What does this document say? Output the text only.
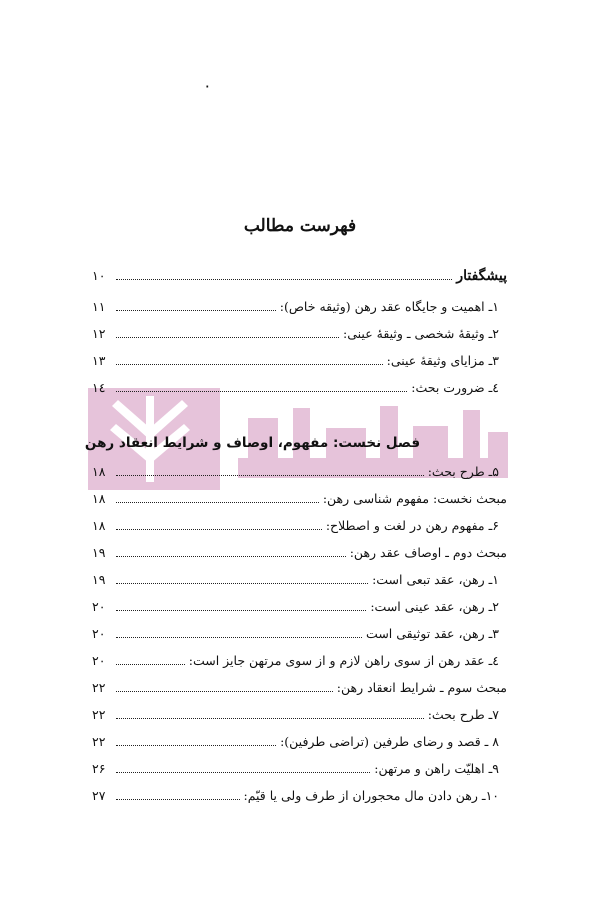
۰
فهرست مطالب
پیشگفتار
۱۰
۱ـ اهمیت و جایگاه عقد رهن (وثیقه خاص):
۱۱
۲ـ وثیقهٔ شخصی ـ وثیقهٔ عینی:
۱۲
۳ـ مزایای وثیقهٔ عینی:
۱۳
٤ـ ضرورت بحث:
۱٤
فصل نخست: مفهوم، اوصاف و شرایط انعقاد رهن
۵ـ طرح بحث:
۱۸
مبحث نخست: مفهوم شناسی رهن:
۱۸
۶ـ مفهوم رهن در لغت و اصطلاح:
۱۸
مبحث دوم ـ اوصاف عقد رهن:
۱۹
۱ـ رهن، عقد تبعی است:
۱۹
۲ـ رهن، عقد عینی است:
۲۰
۳ـ رهن، عقد توثیقی است
۲۰
٤ـ عقد رهن از سوی راهن لازم و از سوی مرتهن جایز است:
۲۰
مبحث سوم ـ شرایط انعقاد رهن:
۲۲
۷ـ طرح بحث:
۲۲
۸ ـ قصد و رضای طرفین (تراضی طرفین):
۲۲
۹ـ اهلیّت راهن و مرتهن:
۲۶
۱۰ـ رهن دادن مال محجوران از طرف ولی یا قیّم:
۲۷
